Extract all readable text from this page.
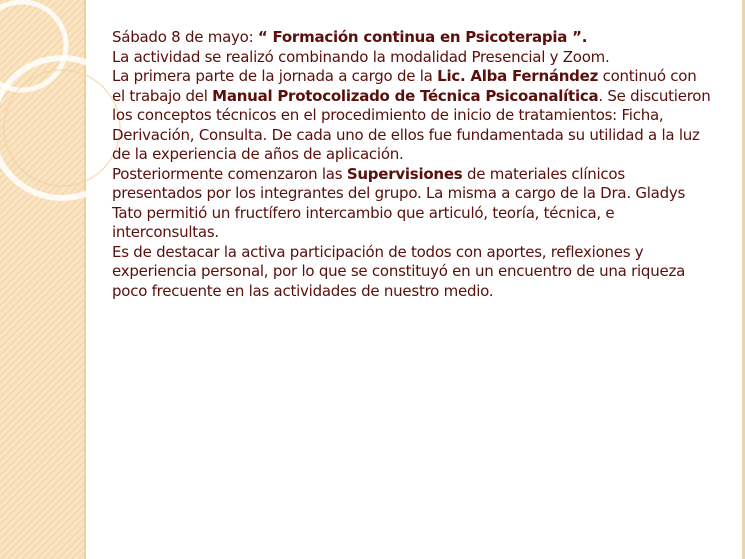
Sábado 8 de mayo: “ Formación continua en Psicoterapia ”.

La actividad se realizó combinando la modalidad Presencial y Zoom.

La primera parte de la jornada a cargo de la Lic. Alba Fernández continuó con el trabajo del Manual Protocolizado de Técnica Psicoanalítica. Se discutieron los conceptos técnicos en el procedimiento de inicio de tratamientos: Ficha, Derivación, Consulta. De cada uno de ellos fue fundamentada su utilidad a la luz de la experiencia de años de aplicación.

Posteriormente comenzaron las Supervisiones de materiales clínicos presentados por los integrantes del grupo. La misma a cargo de la Dra. Gladys Tato permitió un fructífero intercambio que articuló, teoría, técnica, e interconsultas.

Es de destacar la activa participación de todos con aportes, reflexiones y experiencia personal, por lo que se constituyó en un encuentro de una riqueza poco frecuente en las actividades de nuestro medio.
